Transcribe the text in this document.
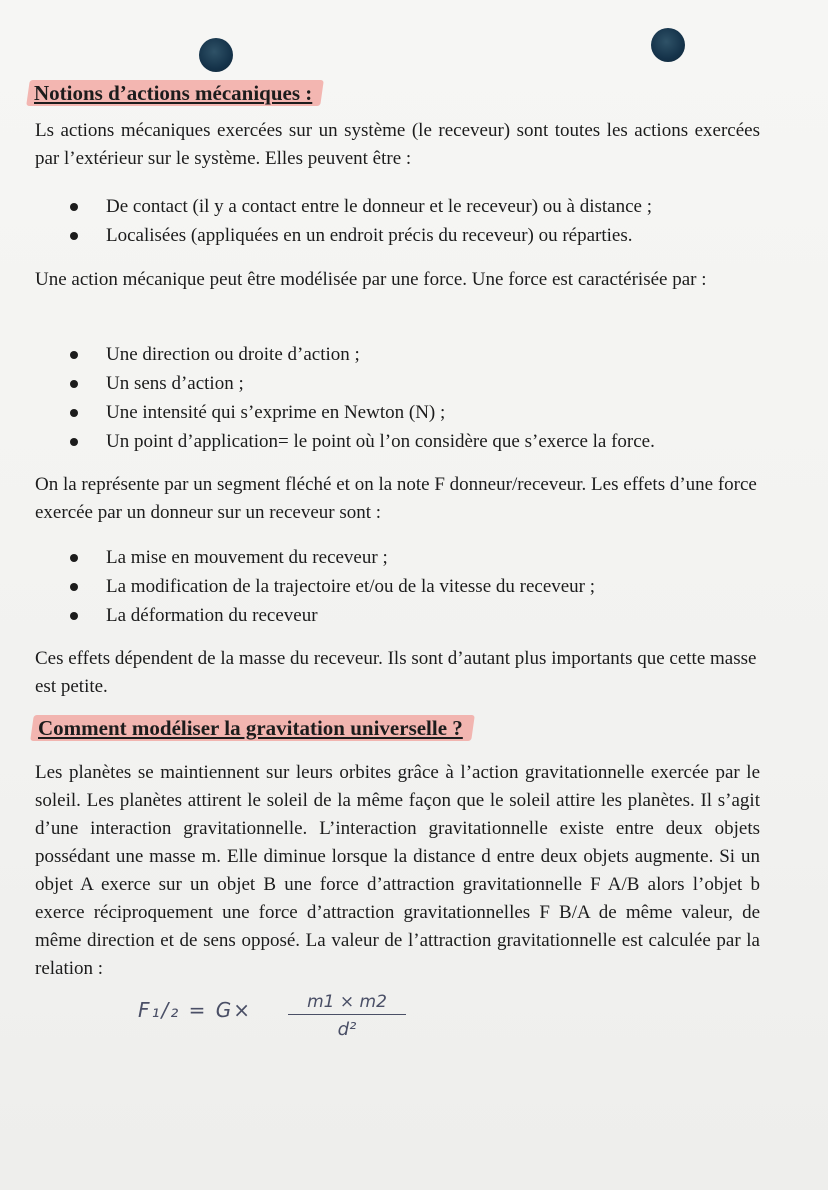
Notions d’actions mécaniques :
Ls actions mécaniques exercées sur un système (le receveur) sont toutes les actions exercées par l’extérieur sur le système. Elles peuvent être :
De contact (il y a contact entre le donneur et le receveur) ou à distance ;
Localisées (appliquées en un endroit précis du receveur) ou réparties.
Une action mécanique peut être modélisée par une force. Une force est caractérisée par :
Une direction ou droite d’action ;
Un sens d’action ;
Une intensité qui s’exprime en Newton (N) ;
Un point d’application= le point où l’on considère que s’exerce la force.
On la représente par un segment fléché et on la note F donneur/receveur. Les effets d’une force exercée par un donneur sur un receveur sont :
La mise en mouvement du receveur ;
La modification de la trajectoire et/ou de la vitesse du receveur ;
La déformation du receveur
Ces effets dépendent de la masse du receveur. Ils sont d’autant plus importants que cette masse est petite.
Comment modéliser la gravitation universelle ?
Les planètes se maintiennent sur leurs orbites grâce à l’action gravitationnelle exercée par le soleil. Les planètes attirent le soleil de la même façon que le soleil attire les planètes. Il s’agit d’une interaction gravitationnelle. L’interaction gravitationnelle existe entre deux objets possédant une masse m. Elle diminue lorsque la distance d entre deux objets augmente. Si un objet A exerce sur un objet B une force d’attraction gravitationnelle F A/B alors l’objet b exerce réciproquement une force d’attraction gravitationnelles F B/A de même valeur, de même direction et de sens opposé. La valeur de l’attraction gravitationnelle est calculée par la relation :
F₁/₂ = G×	m1 × m2
d²
